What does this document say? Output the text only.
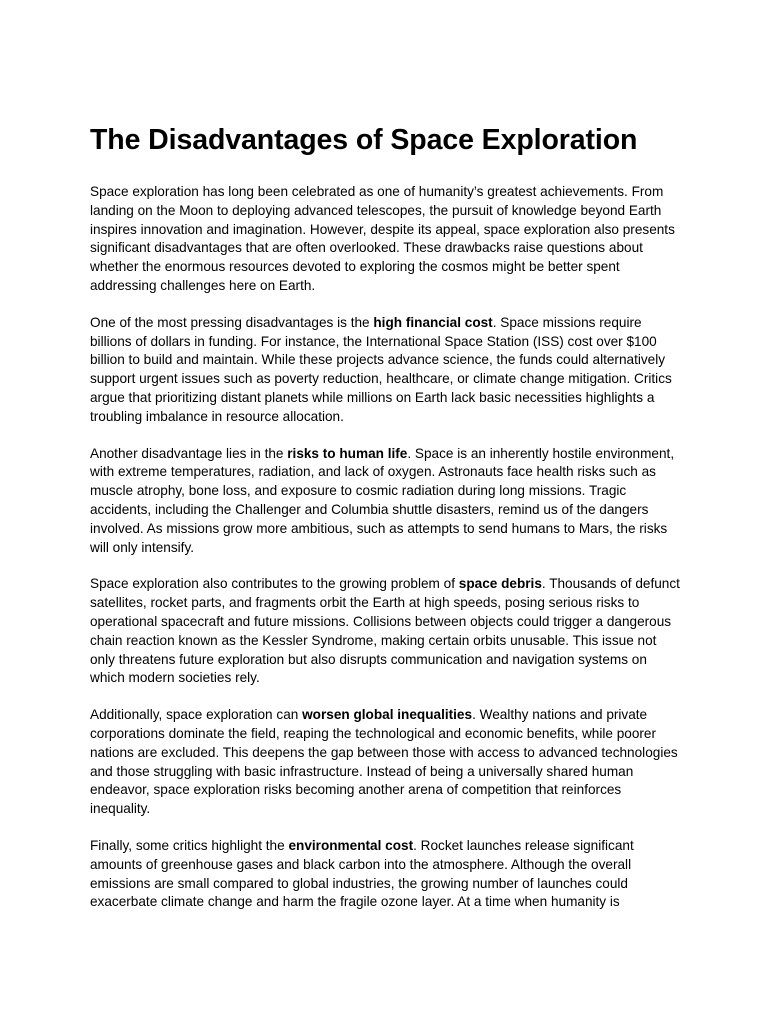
The Disadvantages of Space Exploration

Space exploration has long been celebrated as one of humanity’s greatest achievements. From landing on the Moon to deploying advanced telescopes, the pursuit of knowledge beyond Earth inspires innovation and imagination. However, despite its appeal, space exploration also presents significant disadvantages that are often overlooked. These drawbacks raise questions about whether the enormous resources devoted to exploring the cosmos might be better spent addressing challenges here on Earth.

One of the most pressing disadvantages is the high financial cost. Space missions require billions of dollars in funding. For instance, the International Space Station (ISS) cost over $100 billion to build and maintain. While these projects advance science, the funds could alternatively support urgent issues such as poverty reduction, healthcare, or climate change mitigation. Critics argue that prioritizing distant planets while millions on Earth lack basic necessities highlights a troubling imbalance in resource allocation.

Another disadvantage lies in the risks to human life. Space is an inherently hostile environment, with extreme temperatures, radiation, and lack of oxygen. Astronauts face health risks such as muscle atrophy, bone loss, and exposure to cosmic radiation during long missions. Tragic accidents, including the Challenger and Columbia shuttle disasters, remind us of the dangers involved. As missions grow more ambitious, such as attempts to send humans to Mars, the risks will only intensify.

Space exploration also contributes to the growing problem of space debris. Thousands of defunct satellites, rocket parts, and fragments orbit the Earth at high speeds, posing serious risks to operational spacecraft and future missions. Collisions between objects could trigger a dangerous chain reaction known as the Kessler Syndrome, making certain orbits unusable. This issue not only threatens future exploration but also disrupts communication and navigation systems on which modern societies rely.

Additionally, space exploration can worsen global inequalities. Wealthy nations and private corporations dominate the field, reaping the technological and economic benefits, while poorer nations are excluded. This deepens the gap between those with access to advanced technologies and those struggling with basic infrastructure. Instead of being a universally shared human endeavor, space exploration risks becoming another arena of competition that reinforces inequality.

Finally, some critics highlight the environmental cost. Rocket launches release significant amounts of greenhouse gases and black carbon into the atmosphere. Although the overall emissions are small compared to global industries, the growing number of launches could exacerbate climate change and harm the fragile ozone layer. At a time when humanity is
